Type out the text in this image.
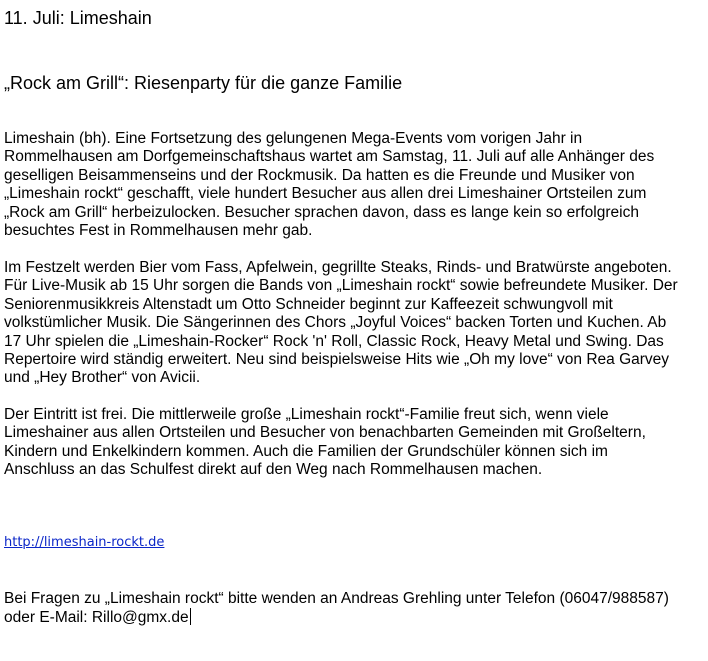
11. Juli: Limeshain
„Rock am Grill“: Riesenparty für die ganze Familie

Limeshain (bh). Eine Fortsetzung des gelungenen Mega-Events vom vorigen Jahr in
Rommelhausen am Dorfgemeinschaftshaus wartet am Samstag, 11. Juli auf alle Anhänger des
geselligen Beisammenseins und der Rockmusik. Da hatten es die Freunde und Musiker von
„Limeshain rockt“ geschafft, viele hundert Besucher aus allen drei Limeshainer Ortsteilen zum
„Rock am Grill“ herbeizulocken. Besucher sprachen davon, dass es lange kein so erfolgreich
besuchtes Fest in Rommelhausen mehr gab.

Im Festzelt werden Bier vom Fass, Apfelwein, gegrillte Steaks, Rinds- und Bratwürste angeboten.
Für Live-Musik ab 15 Uhr sorgen die Bands von „Limeshain rockt“ sowie befreundete Musiker. Der
Seniorenmusikkreis Altenstadt um Otto Schneider beginnt zur Kaffeezeit schwungvoll mit
volkstümlicher Musik. Die Sängerinnen des Chors „Joyful Voices“ backen Torten und Kuchen. Ab
17 Uhr spielen die „Limeshain-Rocker“ Rock 'n' Roll, Classic Rock, Heavy Metal und Swing. Das
Repertoire wird ständig erweitert. Neu sind beispielsweise Hits wie „Oh my love“ von Rea Garvey
und „Hey Brother“ von Avicii.

Der Eintritt ist frei. Die mittlerweile große „Limeshain rockt“-Familie freut sich, wenn viele
Limeshainer aus allen Ortsteilen und Besucher von benachbarten Gemeinden mit Großeltern,
Kindern und Enkelkindern kommen. Auch die Familien der Grundschüler können sich im
Anschluss an das Schulfest direkt auf den Weg nach Rommelhausen machen.

http://limeshain-rockt.de

Bei Fragen zu „Limeshain rockt“ bitte wenden an Andreas Grehling unter Telefon (06047/988587)
oder E-Mail: Rillo@gmx.de
